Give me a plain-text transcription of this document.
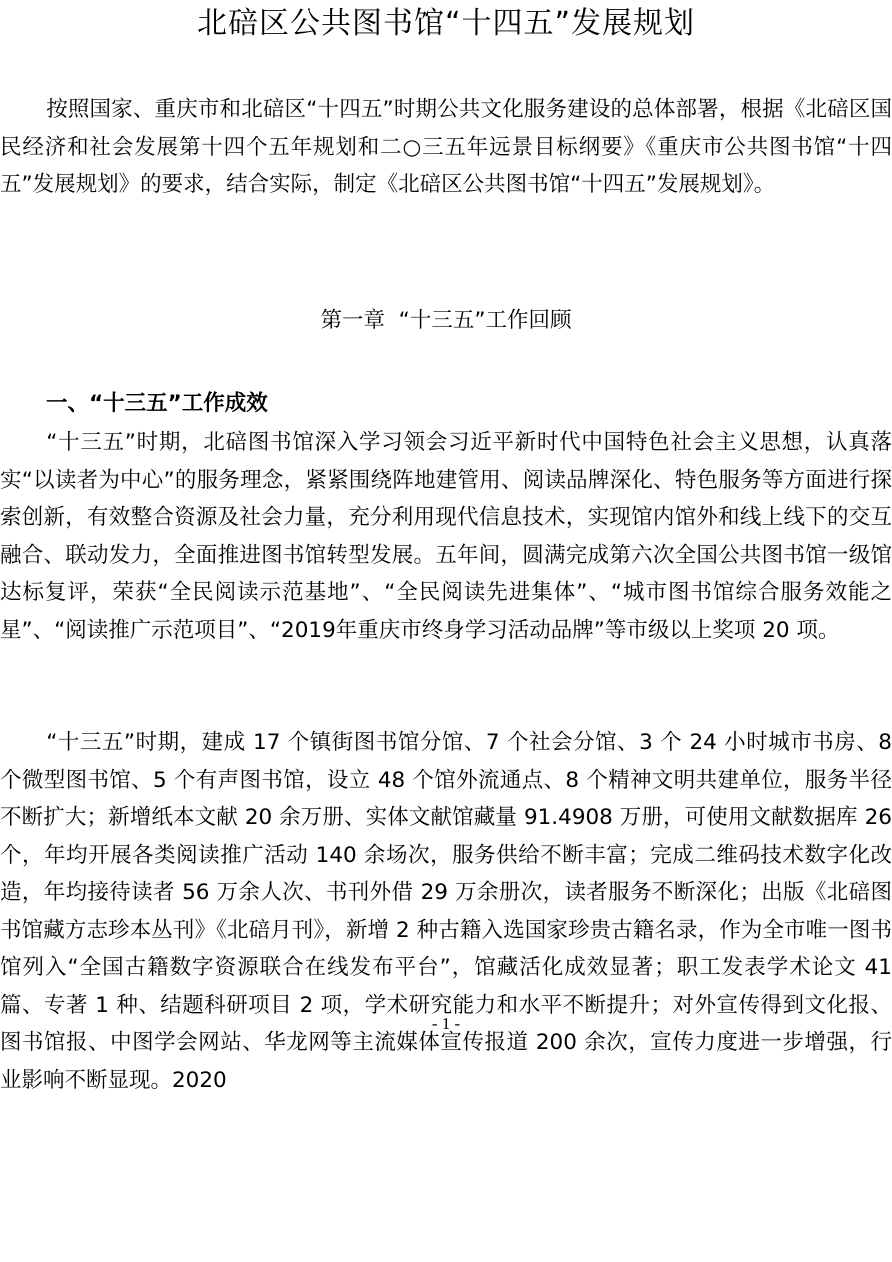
北碚区公共图书馆“十四五”发展规划

按照国家、重庆市和北碚区“十四五”时期公共文化服务建设的总体部署，根据《北碚区国民经济和社会发展第十四个五年规划和二○三五年远景目标纲要》《重庆市公共图书馆“十四五”发展规划》的要求，结合实际，制定《北碚区公共图书馆“十四五”发展规划》。

第一章  “十三五”工作回顾
一、“十三五”工作成效

“十三五”时期，北碚图书馆深入学习领会习近平新时代中国特色社会主义思想，认真落实“以读者为中心”的服务理念，紧紧围绕阵地建管用、阅读品牌深化、特色服务等方面进行探索创新，有效整合资源及社会力量，充分利用现代信息技术，实现馆内馆外和线上线下的交互融合、联动发力，全面推进图书馆转型发展。五年间，圆满完成第六次全国公共图书馆一级馆达标复评，荣获“全民阅读示范基地”、“全民阅读先进集体”、“城市图书馆综合服务效能之星”、“阅读推广示范项目”、“2019年重庆市终身学习活动品牌”等市级以上奖项 20 项。

“十三五”时期，建成 17 个镇街图书馆分馆、7 个社会分馆、3 个 24 小时城市书房、8 个微型图书馆、5 个有声图书馆，设立 48 个馆外流通点、8 个精神文明共建单位，服务半径不断扩大；新增纸本文献 20 余万册、实体文献馆藏量 91.4908 万册，可使用文献数据库 26 个，年均开展各类阅读推广活动 140 余场次，服务供给不断丰富；完成二维码技术数字化改造，年均接待读者 56 万余人次、书刊外借 29 万余册次，读者服务不断深化；出版《北碚图书馆藏方志珍本丛刊》《北碚月刊》，新增 2 种古籍入选国家珍贵古籍名录，作为全市唯一图书馆列入“全国古籍数字资源联合在线发布平台”，馆藏活化成效显著；职工发表学术论文 41 篇、专著 1 种、结题科研项目 2 项，学术研究能力和水平不断提升；对外宣传得到文化报、图书馆报、中图学会网站、华龙网等主流媒体宣传报道 200 余次，宣传力度进一步增强，行业影响不断显现。2020

- 1 -
